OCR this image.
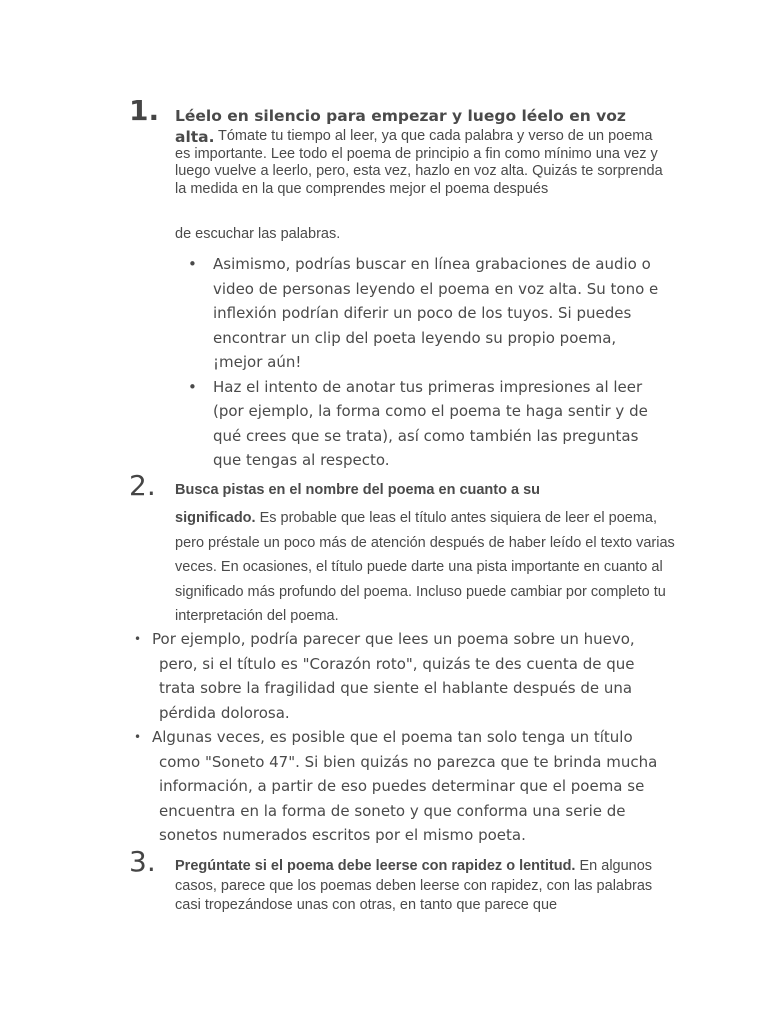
1. Léelo en silencio para empezar y luego léelo en voz alta. Tómate tu tiempo al leer, ya que cada palabra y verso de un poema es importante. Lee todo el poema de principio a fin como mínimo una vez y luego vuelve a leerlo, pero, esta vez, hazlo en voz alta. Quizás te sorprenda la medida en la que comprendes mejor el poema después
de escuchar las palabras.
• Asimismo, podrías buscar en línea grabaciones de audio o video de personas leyendo el poema en voz alta. Su tono e inflexión podrían diferir un poco de los tuyos. Si puedes encontrar un clip del poeta leyendo su propio poema, ¡mejor aún!
• Haz el intento de anotar tus primeras impresiones al leer (por ejemplo, la forma como el poema te haga sentir y de qué crees que se trata), así como también las preguntas que tengas al respecto.
2. Busca pistas en el nombre del poema en cuanto a su
significado. Es probable que leas el título antes siquiera de leer el poema, pero préstale un poco más de atención después de haber leído el texto varias veces. En ocasiones, el título puede darte una pista importante en cuanto al significado más profundo del poema. Incluso puede cambiar por completo tu interpretación del poema.
• Por ejemplo, podría parecer que lees un poema sobre un huevo, pero, si el título es "Corazón roto", quizás te des cuenta de que trata sobre la fragilidad que siente el hablante después de una pérdida dolorosa.
• Algunas veces, es posible que el poema tan solo tenga un título como "Soneto 47". Si bien quizás no parezca que te brinda mucha información, a partir de eso puedes determinar que el poema se encuentra en la forma de soneto y que conforma una serie de sonetos numerados escritos por el mismo poeta.
3. Pregúntate si el poema debe leerse con rapidez o lentitud. En algunos casos, parece que los poemas deben leerse con rapidez, con las palabras casi tropezándose unas con otras, en tanto que parece que
